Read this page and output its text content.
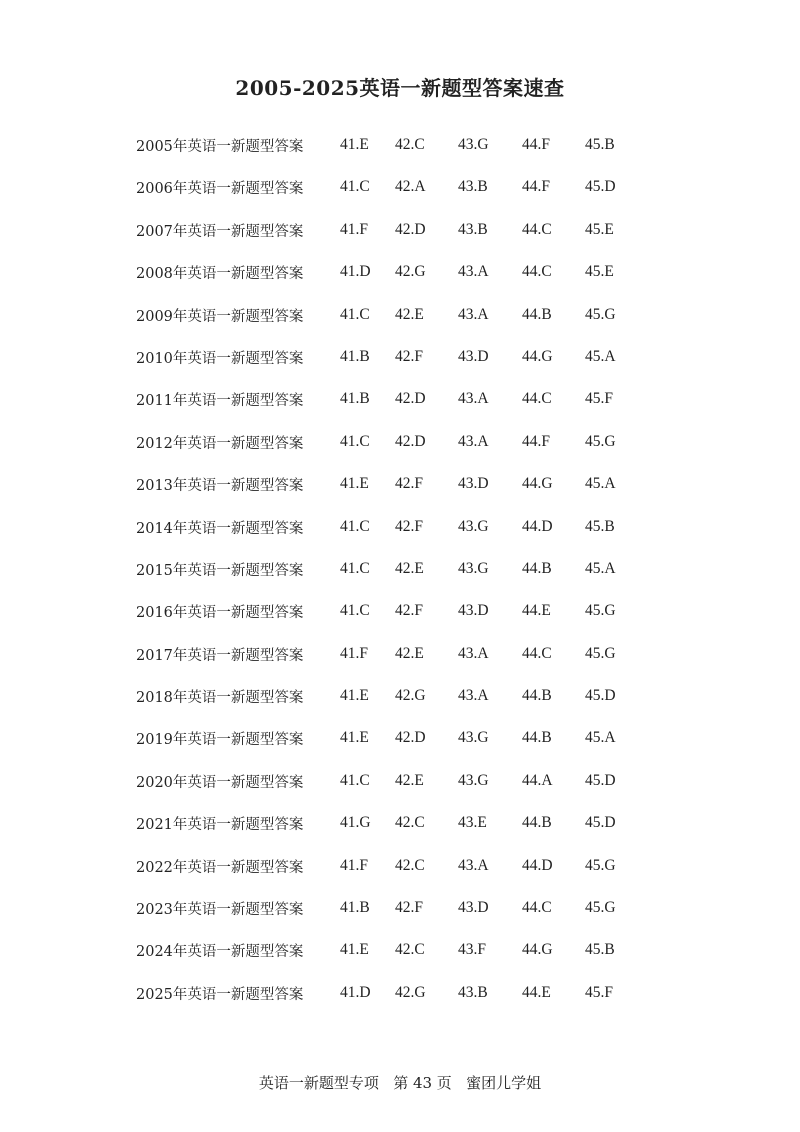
2005-2025英语一新题型答案速查
2005年英语一新题型答案 41.E 42.C 43.G 44.F 45.B
2006年英语一新题型答案 41.C 42.A 43.B 44.F 45.D
2007年英语一新题型答案 41.F 42.D 43.B 44.C 45.E
2008年英语一新题型答案 41.D 42.G 43.A 44.C 45.E
2009年英语一新题型答案 41.C 42.E 43.A 44.B 45.G
2010年英语一新题型答案 41.B 42.F 43.D 44.G 45.A
2011年英语一新题型答案 41.B 42.D 43.A 44.C 45.F
2012年英语一新题型答案 41.C 42.D 43.A 44.F 45.G
2013年英语一新题型答案 41.E 42.F 43.D 44.G 45.A
2014年英语一新题型答案 41.C 42.F 43.G 44.D 45.B
2015年英语一新题型答案 41.C 42.E 43.G 44.B 45.A
2016年英语一新题型答案 41.C 42.F 43.D 44.E 45.G
2017年英语一新题型答案 41.F 42.E 43.A 44.C 45.G
2018年英语一新题型答案 41.E 42.G 43.A 44.B 45.D
2019年英语一新题型答案 41.E 42.D 43.G 44.B 45.A
2020年英语一新题型答案 41.C 42.E 43.G 44.A 45.D
2021年英语一新题型答案 41.G 42.C 43.E 44.B 45.D
2022年英语一新题型答案 41.F 42.C 43.A 44.D 45.G
2023年英语一新题型答案 41.B 42.F 43.D 44.C 45.G
2024年英语一新题型答案 41.E 42.C 43.F 44.G 45.B
2025年英语一新题型答案 41.D 42.G 43.B 44.E 45.F
英语一新题型专项 第 43 页 蜜团儿学姐
